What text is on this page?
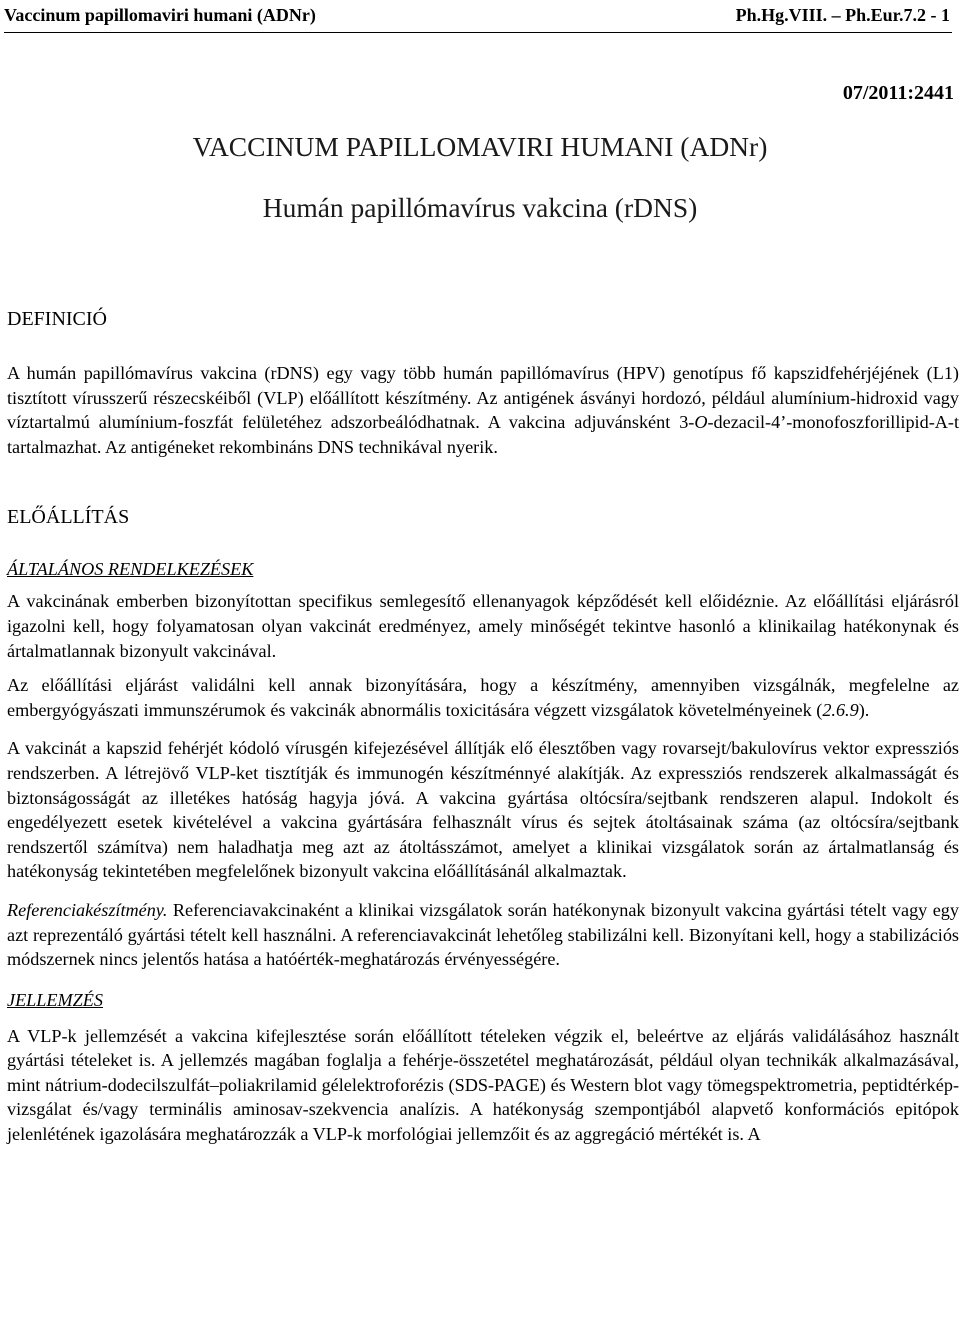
Vaccinum papillomaviri humani (ADNr)	Ph.Hg.VIII. – Ph.Eur.7.2 - 1
07/2011:2441
VACCINUM PAPILLOMAVIRI HUMANI (ADNr)
Humán papillómavírus vakcina (rDNS)
DEFINICIÓ

A humán papillómavírus vakcina (rDNS) egy vagy több humán papillómavírus (HPV) genotípus fő kapszidfehérjéjének (L1) tisztított vírusszerű részecskéiből (VLP) előállított készítmény. Az antigének ásványi hordozó, például alumínium-hidroxid vagy víztartalmú alumínium-foszfát felületéhez adszorbeálódhatnak. A vakcina adjuvánsként 3-O-dezacil-4’-monofoszforillipid-A-t tartalmazhat. Az antigéneket rekombináns DNS technikával nyerik.

ELŐÁLLÍTÁS
ÁLTALÁNOS RENDELKEZÉSEK

A vakcinának emberben bizonyítottan specifikus semlegesítő ellenanyagok képződését kell előidéznie. Az előállítási eljárásról igazolni kell, hogy folyamatosan olyan vakcinát eredményez, amely minőségét tekintve hasonló a klinikailag hatékonynak és ártalmatlannak bizonyult vakcinával.

Az előállítási eljárást validálni kell annak bizonyítására, hogy a készítmény, amennyiben vizsgálnák, megfelelne az embergyógyászati immunszérumok és vakcinák abnormális toxicitására végzett vizsgálatok követelményeinek (2.6.9).

A vakcinát a kapszid fehérjét kódoló vírusgén kifejezésével állítják elő élesztőben vagy rovarsejt/bakulovírus vektor expressziós rendszerben. A létrejövő VLP-ket tisztítják és immunogén készítménnyé alakítják. Az expressziós rendszerek alkalmasságát és biztonságosságát az illetékes hatóság hagyja jóvá. A vakcina gyártása oltócsíra/sejtbank rendszeren alapul. Indokolt és engedélyezett esetek kivételével a vakcina gyártására felhasznált vírus és sejtek átoltásainak száma (az oltócsíra/sejtbank rendszertől számítva) nem haladhatja meg azt az átoltásszámot, amelyet a klinikai vizsgálatok során az ártalmatlanság és hatékonyság tekintetében megfelelőnek bizonyult vakcina előállításánál alkalmaztak.

Referenciakészítmény. Referenciavakcinaként a klinikai vizsgálatok során hatékonynak bizonyult vakcina gyártási tételt vagy egy azt reprezentáló gyártási tételt kell használni. A referenciavakcinát lehetőleg stabilizálni kell. Bizonyítani kell, hogy a stabilizációs módszernek nincs jelentős hatása a hatóérték-meghatározás érvényességére.

JELLEMZÉS

A VLP-k jellemzését a vakcina kifejlesztése során előállított tételeken végzik el, beleértve az eljárás validálásához használt gyártási tételeket is. A jellemzés magában foglalja a fehérje-összetétel meghatározását, például olyan technikák alkalmazásával, mint nátrium-dodecilszulfát–poliakrilamid gélelektroforézis (SDS-PAGE) és Western blot vagy tömegspektrometria, peptidtérkép-vizsgálat és/vagy terminális aminosav-szekvencia analízis. A hatékonyság szempontjából alapvető konformációs epitópok jelenlétének igazolására meghatározzák a VLP-k morfológiai jellemzőit és az aggregáció mértékét is. A
